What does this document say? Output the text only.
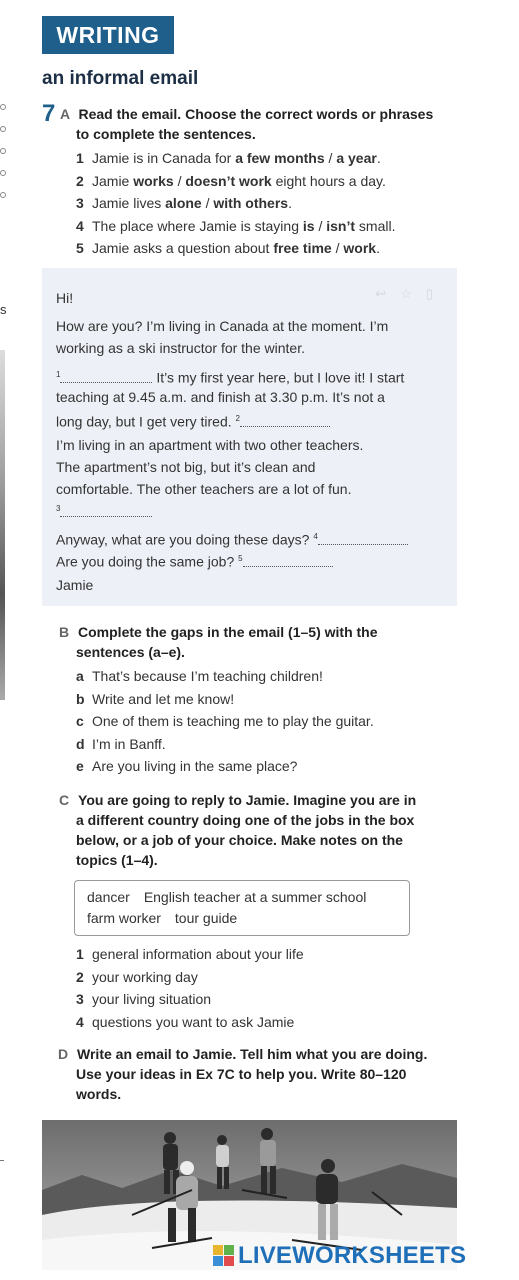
s
WRITING
an informal email
7 A Read the email. Choose the correct words or phrases
to complete the sentences.
1 Jamie is in Canada for a few months / a year.
2 Jamie works / doesn’t work eight hours a day.
3 Jamie lives alone / with others.
4 The place where Jamie is staying is / isn’t small.
5 Jamie asks a question about free time / work.
↩☆▯
Hi!
How are you? I’m living in Canada at the moment. I’m
working as a ski instructor for the winter.
$^1$	It’s my first year here, but I love it! I start
teaching at 9.45 a.m. and finish at 3.30 p.m. It’s not a
long day, but I get very tired. $^2$
I’m living in an apartment with two other teachers.
The apartment’s not big, but it’s clean and
comfortable. The other teachers are a lot of fun.
$^3$
Anyway, what are you doing these days? $^4$
Are you doing the same job? $^5$
Jamie
B Complete the gaps in the email (1–5) with the
sentences (a–e).
a That’s because I’m teaching children!
b Write and let me know!
c One of them is teaching me to play the guitar.
d I’m in Banff.
e Are you living in the same place?
C You are going to reply to Jamie. Imagine you are in
a different country doing one of the jobs in the box
below, or a job of your choice. Make notes on the
topics (1–4).
dancer English teacher at a summer school
farm worker tour guide
1 general information about your life
2 your working day
3 your living situation
4 questions you want to ask Jamie
D Write an email to Jamie. Tell him what you are doing.
Use your ideas in Ex 7C to help you. Write 80–120
words.
LIVEWORKSHEETS
